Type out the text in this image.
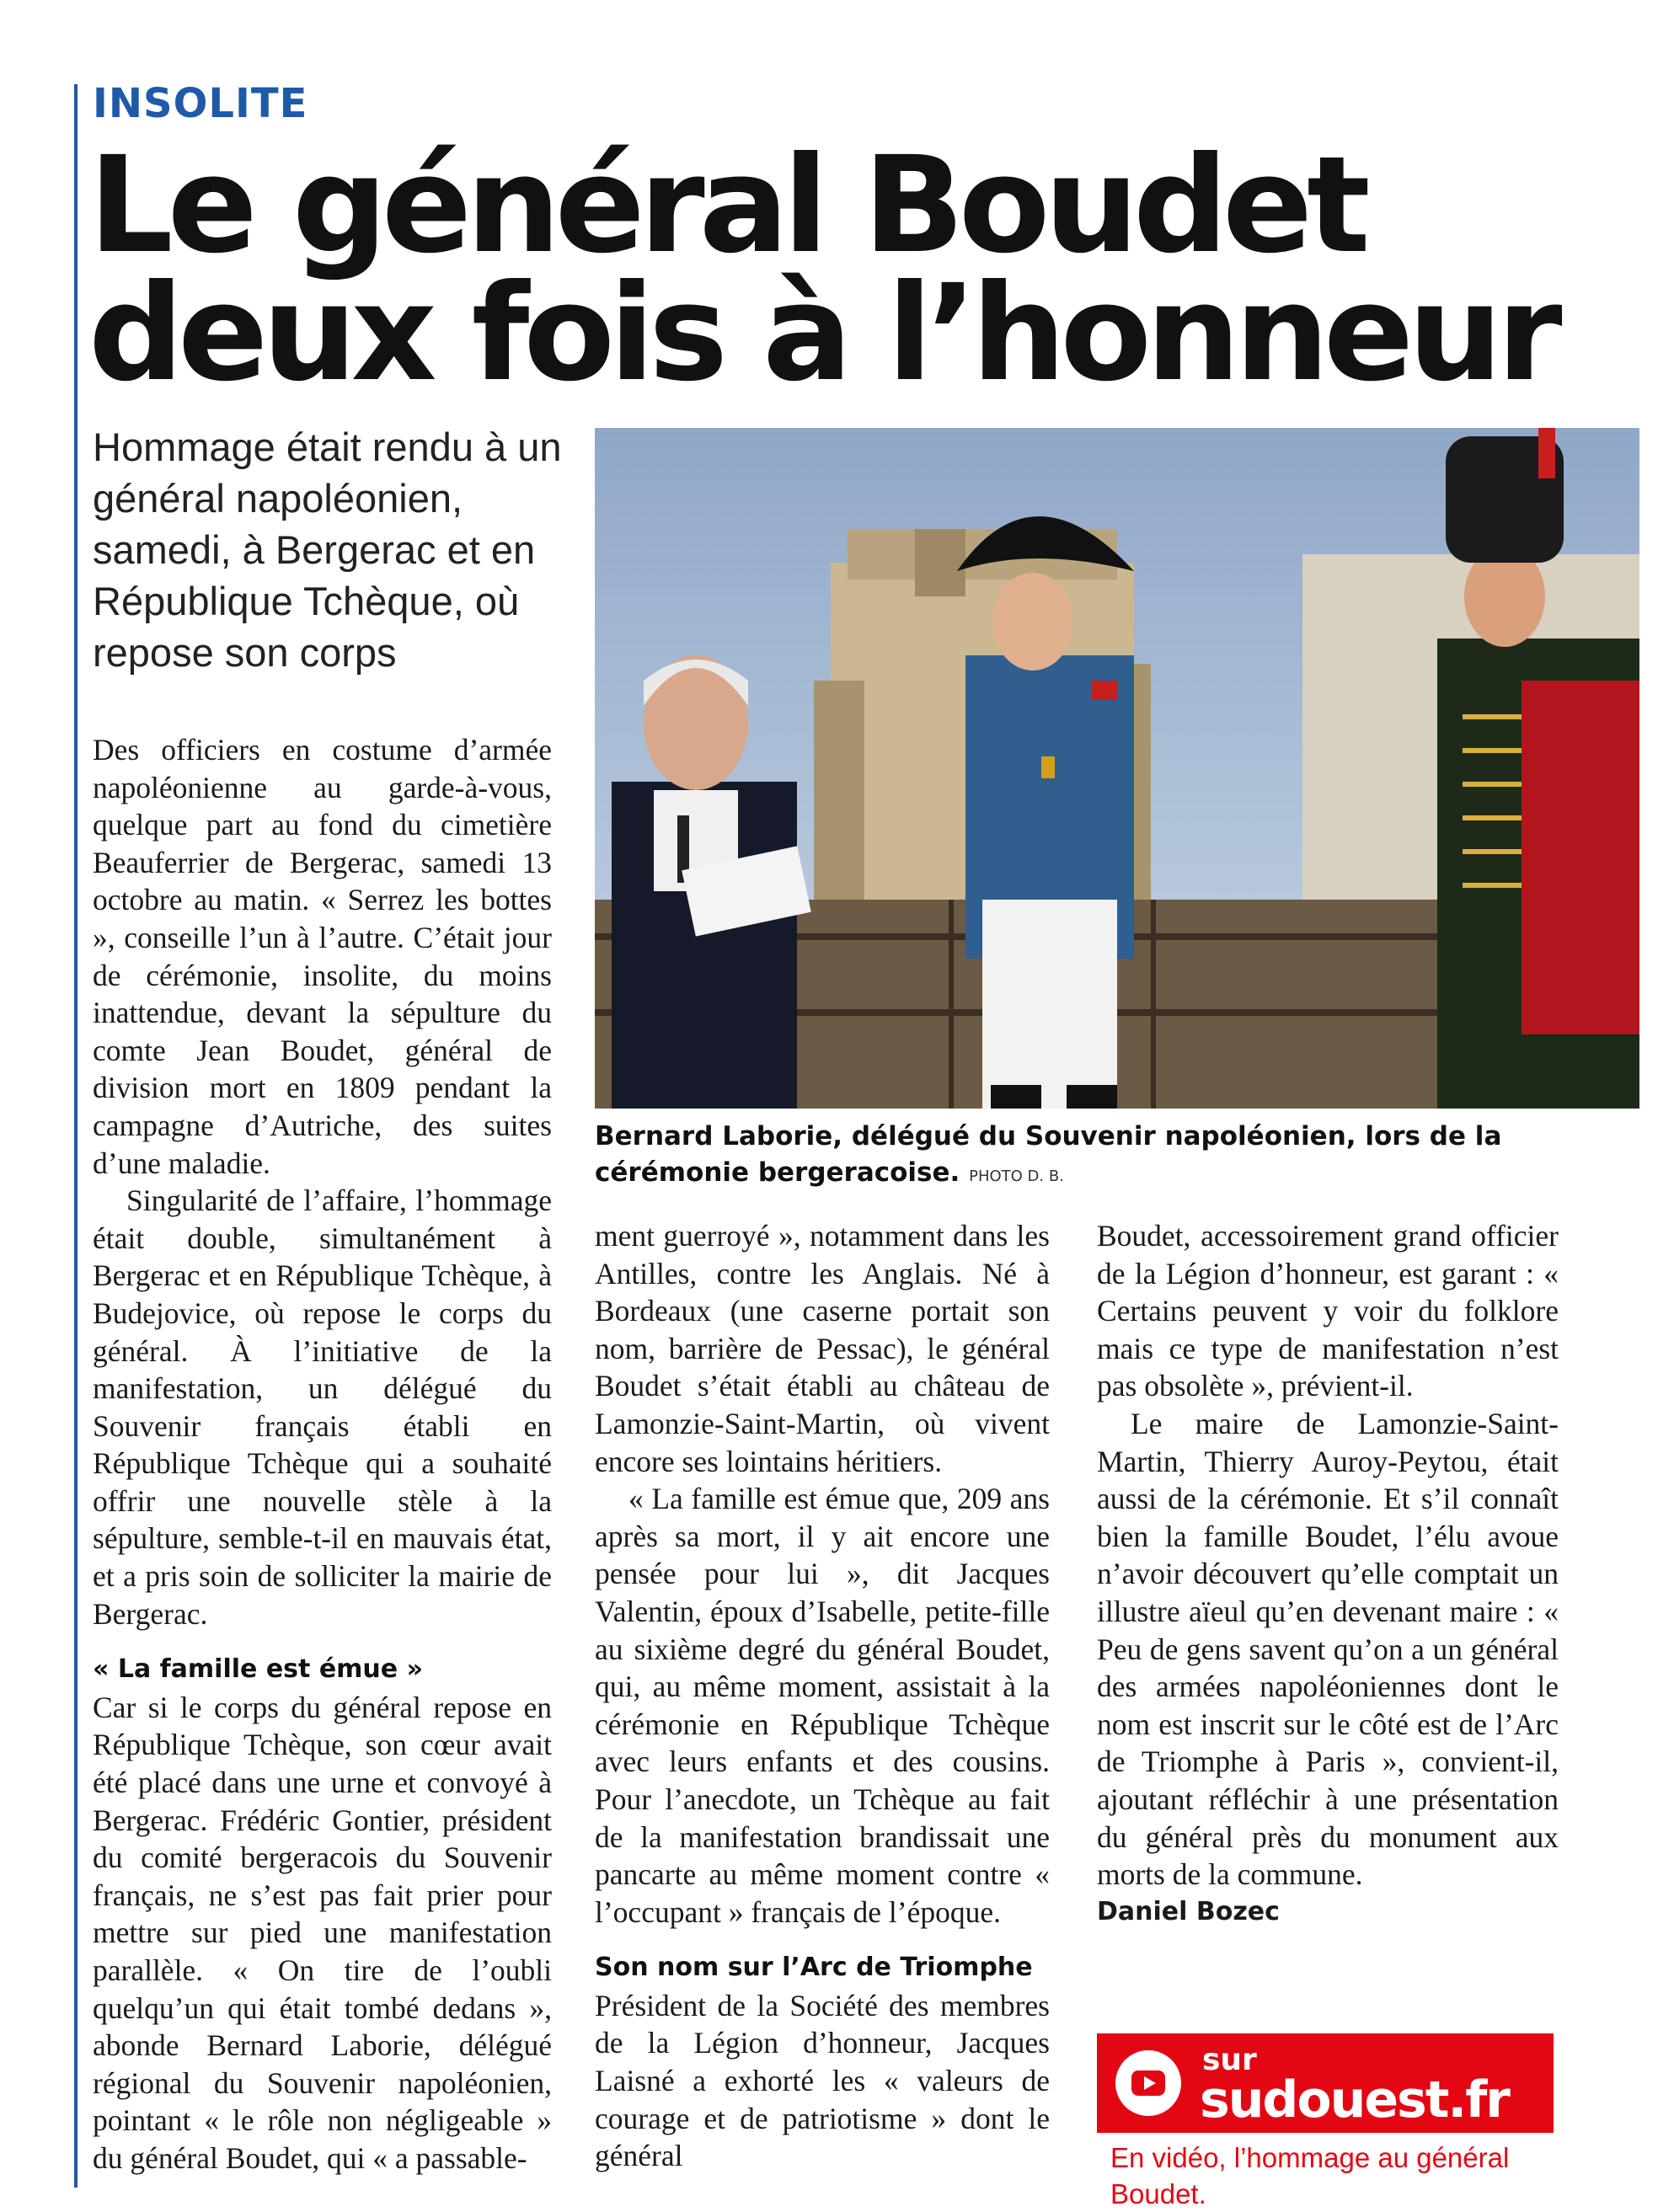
INSOLITE

Le général Boudet deux fois à l’honneur

Hommage était rendu à un général napoléonien, samedi, à Bergerac et en République Tchèque, où repose son corps

Bernard Laborie, délégué du Souvenir napoléonien, lors de la cérémonie bergeracoise. PHOTO D. B.

Des officiers en costume d’armée napoléonienne au garde-à-vous, quelque part au fond du cimetière Beauferrier de Bergerac, samedi 13 octobre au matin. « Serrez les bottes », conseille l’un à l’autre. C’était jour de cérémonie, insolite, du moins inattendue, devant la sépulture du comte Jean Boudet, général de division mort en 1809 pendant la campagne d’Autriche, des suites d’une maladie.

Singularité de l’affaire, l’hommage était double, simultanément à Bergerac et en République Tchèque, à Budejovice, où repose le corps du général. À l’initiative de la manifestation, un délégué du Souvenir français établi en République Tchèque qui a souhaité offrir une nouvelle stèle à la sépulture, semble-t-il en mauvais état, et a pris soin de solliciter la mairie de Bergerac.

« La famille est émue »

Car si le corps du général repose en République Tchèque, son cœur avait été placé dans une urne et convoyé à Bergerac. Frédéric Gontier, président du comité bergeracois du Souvenir français, ne s’est pas fait prier pour mettre sur pied une manifestation parallèle. « On tire de l’oubli quelqu’un qui était tombé dedans », abonde Bernard Laborie, délégué régional du Souvenir napoléonien, pointant « le rôle non négligeable » du général Boudet, qui « a passable-

ment guerroyé », notamment dans les Antilles, contre les Anglais. Né à Bordeaux (une caserne portait son nom, barrière de Pessac), le général Boudet s’était établi au château de Lamonzie-Saint-Martin, où vivent encore ses lointains héritiers.

« La famille est émue que, 209 ans après sa mort, il y ait encore une pensée pour lui », dit Jacques Valentin, époux d’Isabelle, petite-fille au sixième degré du général Boudet, qui, au même moment, assistait à la cérémonie en République Tchèque avec leurs enfants et des cousins. Pour l’anecdote, un Tchèque au fait de la manifestation brandissait une pancarte au même moment contre « l’occupant » français de l’époque.

Son nom sur l’Arc de Triomphe

Président de la Société des membres de la Légion d’honneur, Jacques Laisné a exhorté les « valeurs de courage et de patriotisme » dont le général

Boudet, accessoirement grand officier de la Légion d’honneur, est garant : « Certains peuvent y voir du folklore mais ce type de manifestation n’est pas obsolète », prévient-il.

Le maire de Lamonzie-Saint-Martin, Thierry Auroy-Peytou, était aussi de la cérémonie. Et s’il connaît bien la famille Boudet, l’élu avoue n’avoir découvert qu’elle comptait un illustre aïeul qu’en devenant maire : « Peu de gens savent qu’on a un général des armées napoléoniennes dont le nom est inscrit sur le côté est de l’Arc de Triomphe à Paris », convient-il, ajoutant réfléchir à une présentation du général près du monument aux morts de la commune.

Daniel Bozec

sur

sudouest.fr

En vidéo, l’hommage au général Boudet.
